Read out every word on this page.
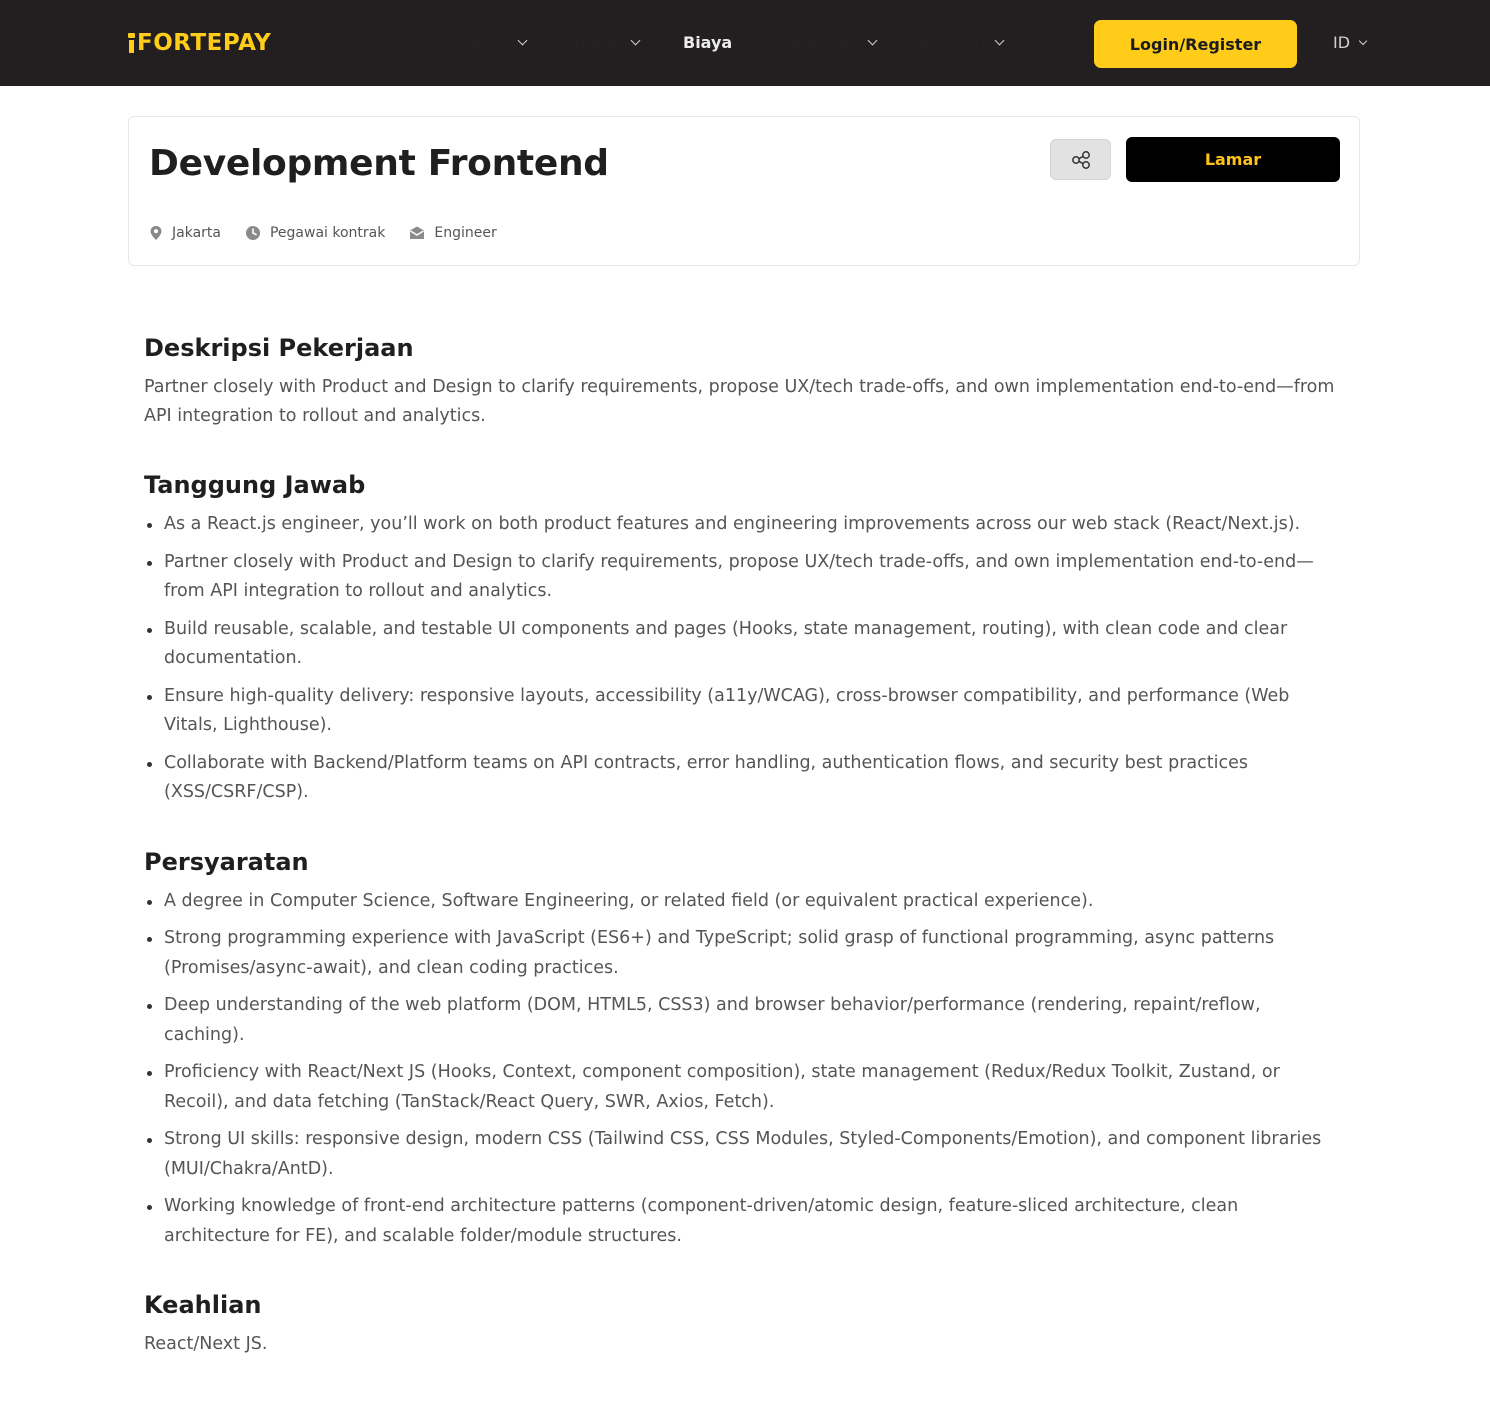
FORTEPAY	Solusi	Produk	Biaya Perusahaan	Bantuan	Login/Register	ID
Development Frontend	Lamar
Jakarta	Pegawai kontrak	Engineer
Deskripsi Pekerjaan

Partner closely with Product and Design to clarify requirements, propose UX/tech trade-offs, and own implementation end-to-end—from API integration to rollout and analytics.

Tanggung Jawab
As a React.js engineer, you’ll work on both product features and engineering improvements across our web stack (React/Next.js).
Partner closely with Product and Design to clarify requirements, propose UX/tech trade-offs, and own implementation end-to-end—from API integration to rollout and analytics.
Build reusable, scalable, and testable UI components and pages (Hooks, state management, routing), with clean code and clear documentation.
Ensure high-quality delivery: responsive layouts, accessibility (a11y/WCAG), cross-browser compatibility, and performance (Web Vitals, Lighthouse).
Collaborate with Backend/Platform teams on API contracts, error handling, authentication flows, and security best practices (XSS/CSRF/CSP).
Persyaratan
A degree in Computer Science, Software Engineering, or related field (or equivalent practical experience).
Strong programming experience with JavaScript (ES6+) and TypeScript; solid grasp of functional programming, async patterns (Promises/async-await), and clean coding practices.
Deep understanding of the web platform (DOM, HTML5, CSS3) and browser behavior/performance (rendering, repaint/reflow, caching).
Proficiency with React/Next JS (Hooks, Context, component composition), state management (Redux/Redux Toolkit, Zustand, or Recoil), and data fetching (TanStack/React Query, SWR, Axios, Fetch).
Strong UI skills: responsive design, modern CSS (Tailwind CSS, CSS Modules, Styled-Components/Emotion), and component libraries (MUI/Chakra/AntD).
Working knowledge of front-end architecture patterns (component-driven/atomic design, feature-sliced architecture, clean architecture for FE), and scalable folder/module structures.
Keahlian

React/Next JS.
